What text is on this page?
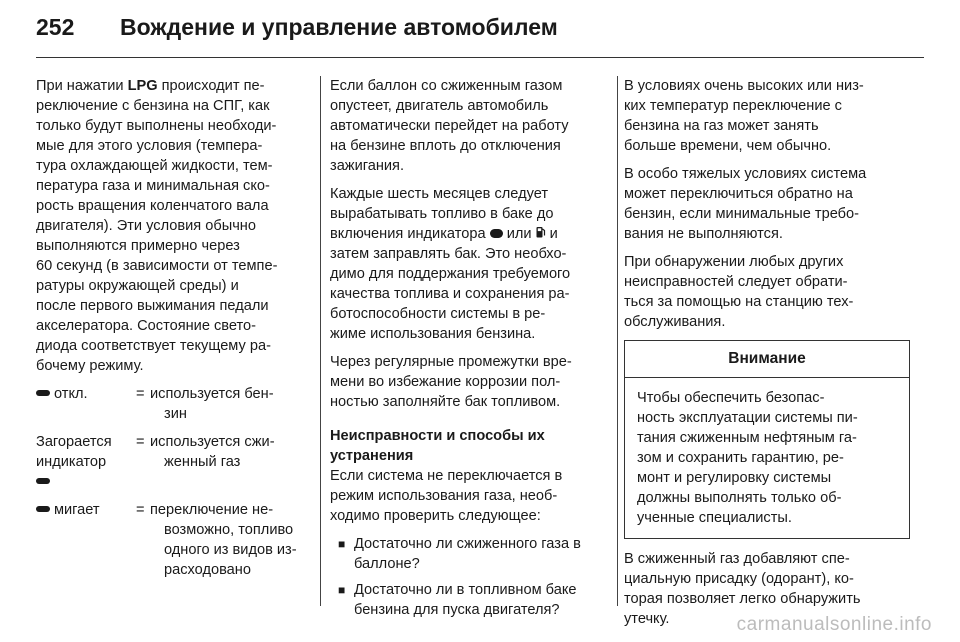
252 Вождение и управление автомобилем

При нажатии LPG происходит пе-
реключение с бензина на СПГ, как
только будут выполнены необходи-
мые для этого условия (темпера-
тура охлаждающей жидкости, тем-
пература газа и минимальная ско-
рость вращения коленчатого вала
двигателя). Эти условия обычно
выполняются примерно через
60 секунд (в зависимости от темпе-
ратуры окружающей среды) и
после первого выжимания педали
акселератора. Состояние свето-
диода соответствует текущему ра-
бочему режиму.

откл.	=	используется бен-
зин

Загорается
индикатор	=	используется сжи-
женный газ

мигает	=	переключение не-
возможно, топливо
одного из видов из-
расходовано

Если баллон со сжиженным газом
опустеет, двигатель автомобиль
автоматически перейдет на работу
на бензине вплоть до отключения
зажигания.

Каждые шесть месяцев следует
вырабатывать топливо в баке до
включения индикатора  или  и
затем заправлять бак. Это необхо-
димо для поддержания требуемого
качества топлива и сохранения ра-
ботоспособности системы в ре-
жиме использования бензина.

Через регулярные промежутки вре-
мени во избежание коррозии пол-
ностью заполняйте бак топливом.

Неисправности и способы их
устранения

Если система не переключается в
режим использования газа, необ-
ходимо проверить следующее:

■ Достаточно ли сжиженного газа в
баллоне?
■ Достаточно ли в топливном баке
бензина для пуска двигателя?

В условиях очень высоких или низ-
ких температур переключение с
бензина на газ может занять
больше времени, чем обычно.

В особо тяжелых условиях система
может переключиться обратно на
бензин, если минимальные требо-
вания не выполняются.

При обнаружении любых других
неисправностей следует обрати-
ться за помощью на станцию тех-
обслуживания.

Внимание
Чтобы обеспечить безопас-
ность эксплуатации системы пи-
тания сжиженным нефтяным га-
зом и сохранить гарантию, ре-
монт и регулировку системы
должны выполнять только об-
ученные специалисты.

В сжиженный газ добавляют спе-
циальную присадку (одорант), ко-
торая позволяет легко обнаружить
утечку.	carmanualsonline.info
